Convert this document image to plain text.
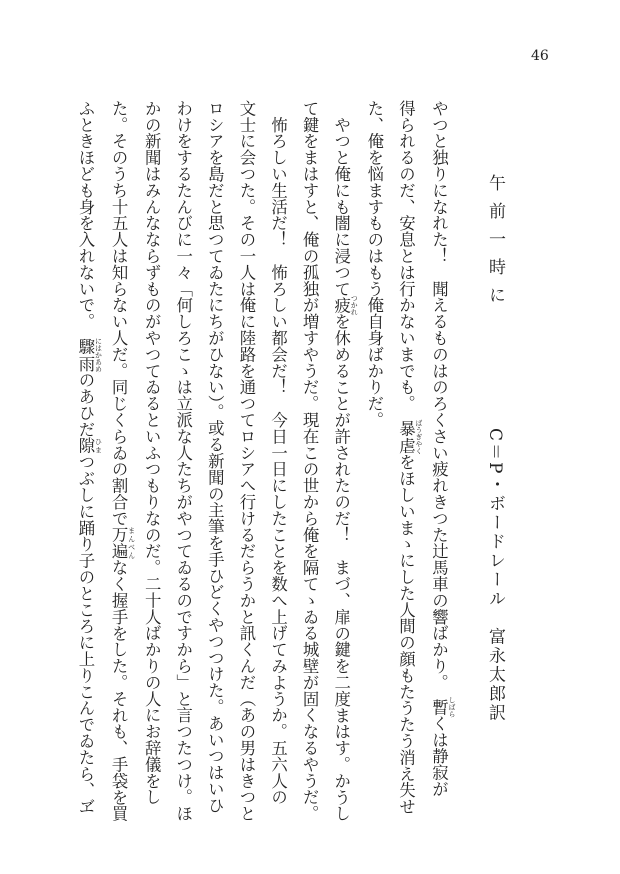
46
午前一時に
C＝P・ボードレール　富永太郎訳
やつと独りになれた！　聞えるものはのろくさい疲れきつた辻馬車の響ばかり。　暫 しばらくは静寂が
得られるのだ、安息とは行かないまでも。　暴虐 ばうぎやくをほしいまゝにした人間の顔もたうたう消え失せ
た、俺を悩ますものはもう俺自身ばかりだ。
　やつと俺にも闇に浸つて疲 つかれを休めることが許されたのだ！　まづ、扉の鍵を二度まはす。かうし
て鍵をまはすと、俺の孤独が増すやうだ。現在この世から俺を隔てゝゐる城壁が固くなるやうだ。
　怖ろしい生活だ！　怖ろしい都会だ！　今日一日にしたことを数へ上げてみようか。五六人の
文士に会つた。その一人は俺に陸路を通つてロシアへ行けるだらうかと訊くんだ（あの男はきつと
ロシアを島だと思つてゐたにちがひない）。或る新聞の主筆を手ひどくやつつけた。あいつはいひ
わけをするたんびに一々「何しろこゝは立派な人たちがやつてゐるのですから」と言つたつけ。ほ
かの新聞はみんなならずものがやつてゐるといふつもりなのだ。二十人ばかりの人にお辞儀をし
た。そのうち十五人は知らない人だ。同じくらゐの割合で万遍 まんべんなく握手をした。それも、手袋を買
ふときほども身を入れないで。　驟雨 にはかあめのあひだ隙 ひまつぶしに踊り子のところに上りこんでゐたら、ヹ
